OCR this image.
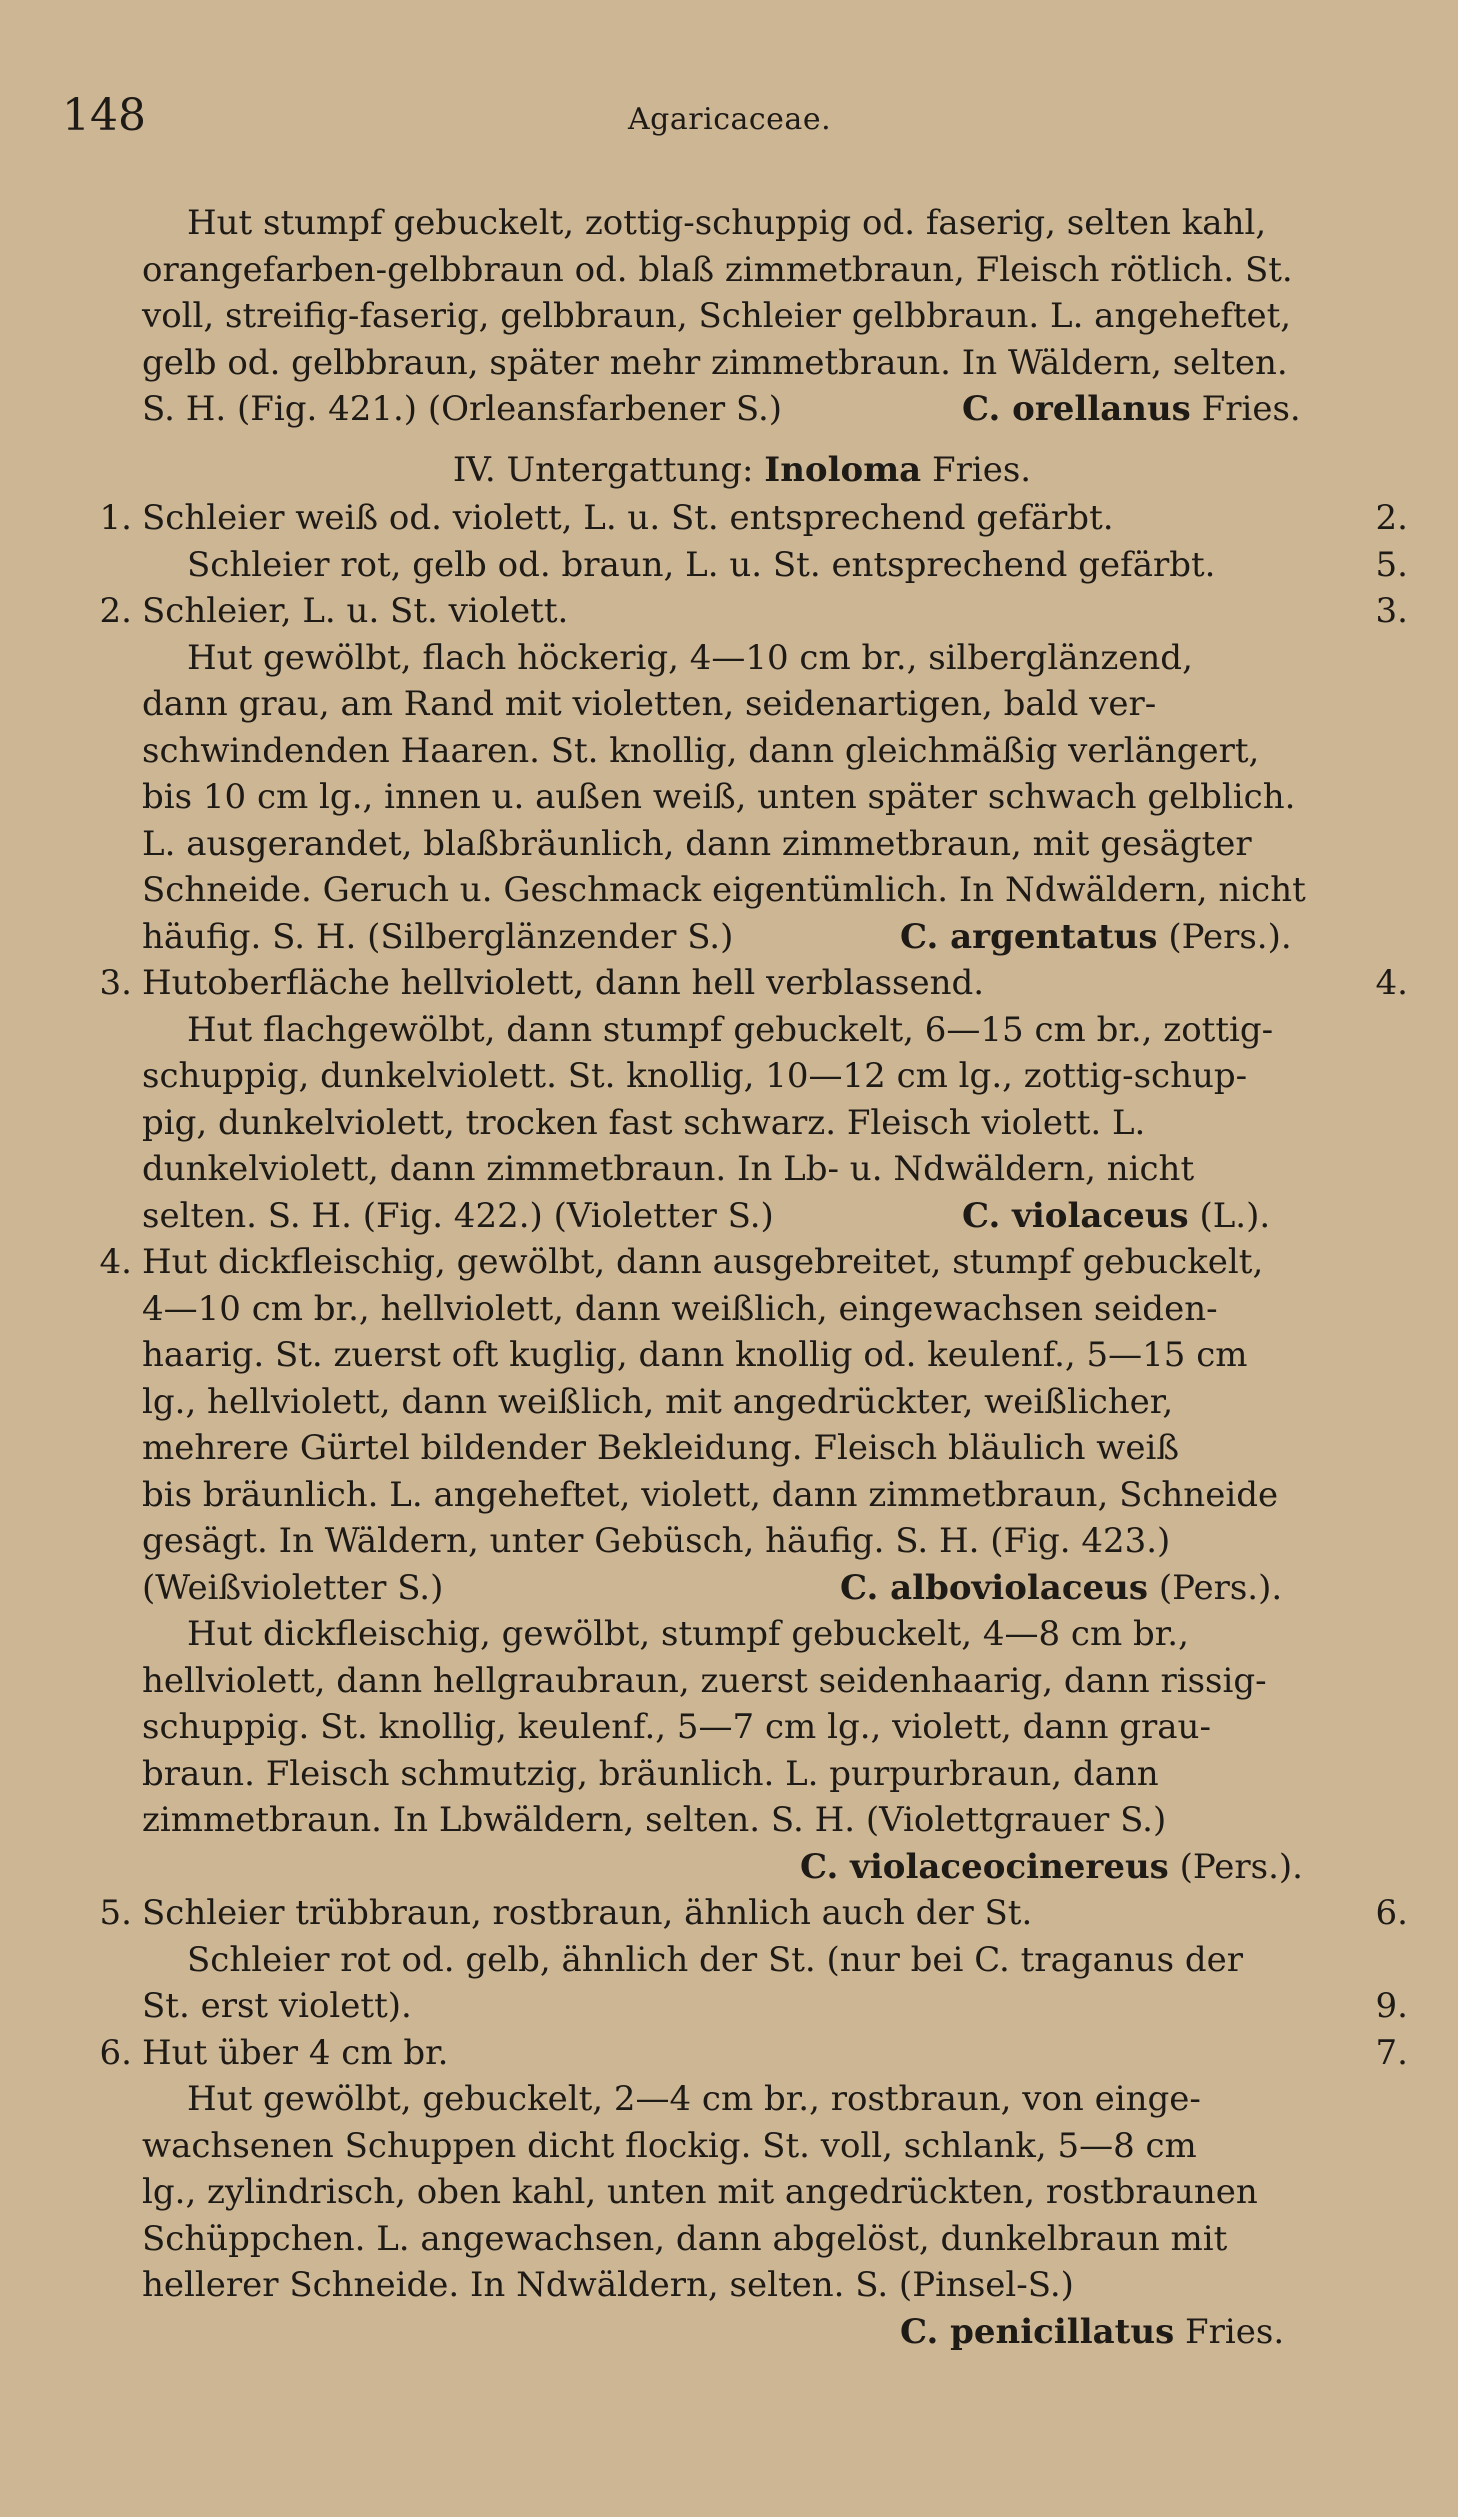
148	Agaricaceae.
Hut stumpf gebuckelt, zottig-schuppig od. faserig, selten kahl,
orangefarben-gelbbraun od. blaß zimmetbraun, Fleisch rötlich. St.
voll, streifig-faserig, gelbbraun, Schleier gelbbraun. L. angeheftet,
gelb od. gelbbraun, später mehr zimmetbraun. In Wäldern, selten.
S. H. (Fig. 421.) (Orleansfarbener S.)	C. orellanus Fries.
IV. Untergattung: Inoloma Fries.
1. Schleier weiß od. violett, L. u. St. entsprechend gefärbt.	2.
Schleier rot, gelb od. braun, L. u. St. entsprechend gefärbt.	5.
2. Schleier, L. u. St. violett.	3.
Hut gewölbt, flach höckerig, 4—10 cm br., silberglänzend,
dann grau, am Rand mit violetten, seidenartigen, bald ver-
schwindenden Haaren. St. knollig, dann gleichmäßig verlängert,
bis 10 cm lg., innen u. außen weiß, unten später schwach gelblich.
L. ausgerandet, blaßbräunlich, dann zimmetbraun, mit gesägter
Schneide. Geruch u. Geschmack eigentümlich. In Ndwäldern, nicht
häufig. S. H. (Silberglänzender S.)	C. argentatus (Pers.).
3. Hutoberfläche hellviolett, dann hell verblassend.	4.
Hut flachgewölbt, dann stumpf gebuckelt, 6—15 cm br., zottig-
schuppig, dunkelviolett. St. knollig, 10—12 cm lg., zottig-schup-
pig, dunkelviolett, trocken fast schwarz. Fleisch violett. L.
dunkelviolett, dann zimmetbraun. In Lb- u. Ndwäldern, nicht
selten. S. H. (Fig. 422.) (Violetter S.)	C. violaceus (L.).
4. Hut dickfleischig, gewölbt, dann ausgebreitet, stumpf gebuckelt,
4—10 cm br., hellviolett, dann weißlich, eingewachsen seiden-
haarig. St. zuerst oft kuglig, dann knollig od. keulenf., 5—15 cm
lg., hellviolett, dann weißlich, mit angedrückter, weißlicher,
mehrere Gürtel bildender Bekleidung. Fleisch bläulich weiß
bis bräunlich. L. angeheftet, violett, dann zimmetbraun, Schneide
gesägt. In Wäldern, unter Gebüsch, häufig. S. H. (Fig. 423.)
(Weißvioletter S.)	C. alboviolaceus (Pers.).
Hut dickfleischig, gewölbt, stumpf gebuckelt, 4—8 cm br.,
hellviolett, dann hellgraubraun, zuerst seidenhaarig, dann rissig-
schuppig. St. knollig, keulenf., 5—7 cm lg., violett, dann grau-
braun. Fleisch schmutzig, bräunlich. L. purpurbraun, dann
zimmetbraun. In Lbwäldern, selten. S. H. (Violettgrauer S.)
C. violaceocinereus (Pers.).
5. Schleier trübbraun, rostbraun, ähnlich auch der St.	6.
Schleier rot od. gelb, ähnlich der St. (nur bei C. traganus der
St. erst violett).	9.
6. Hut über 4 cm br.	7.
Hut gewölbt, gebuckelt, 2—4 cm br., rostbraun, von einge-
wachsenen Schuppen dicht flockig. St. voll, schlank, 5—8 cm
lg., zylindrisch, oben kahl, unten mit angedrückten, rostbraunen
Schüppchen. L. angewachsen, dann abgelöst, dunkelbraun mit
hellerer Schneide. In Ndwäldern, selten. S. (Pinsel-S.)
C. penicillatus Fries.
